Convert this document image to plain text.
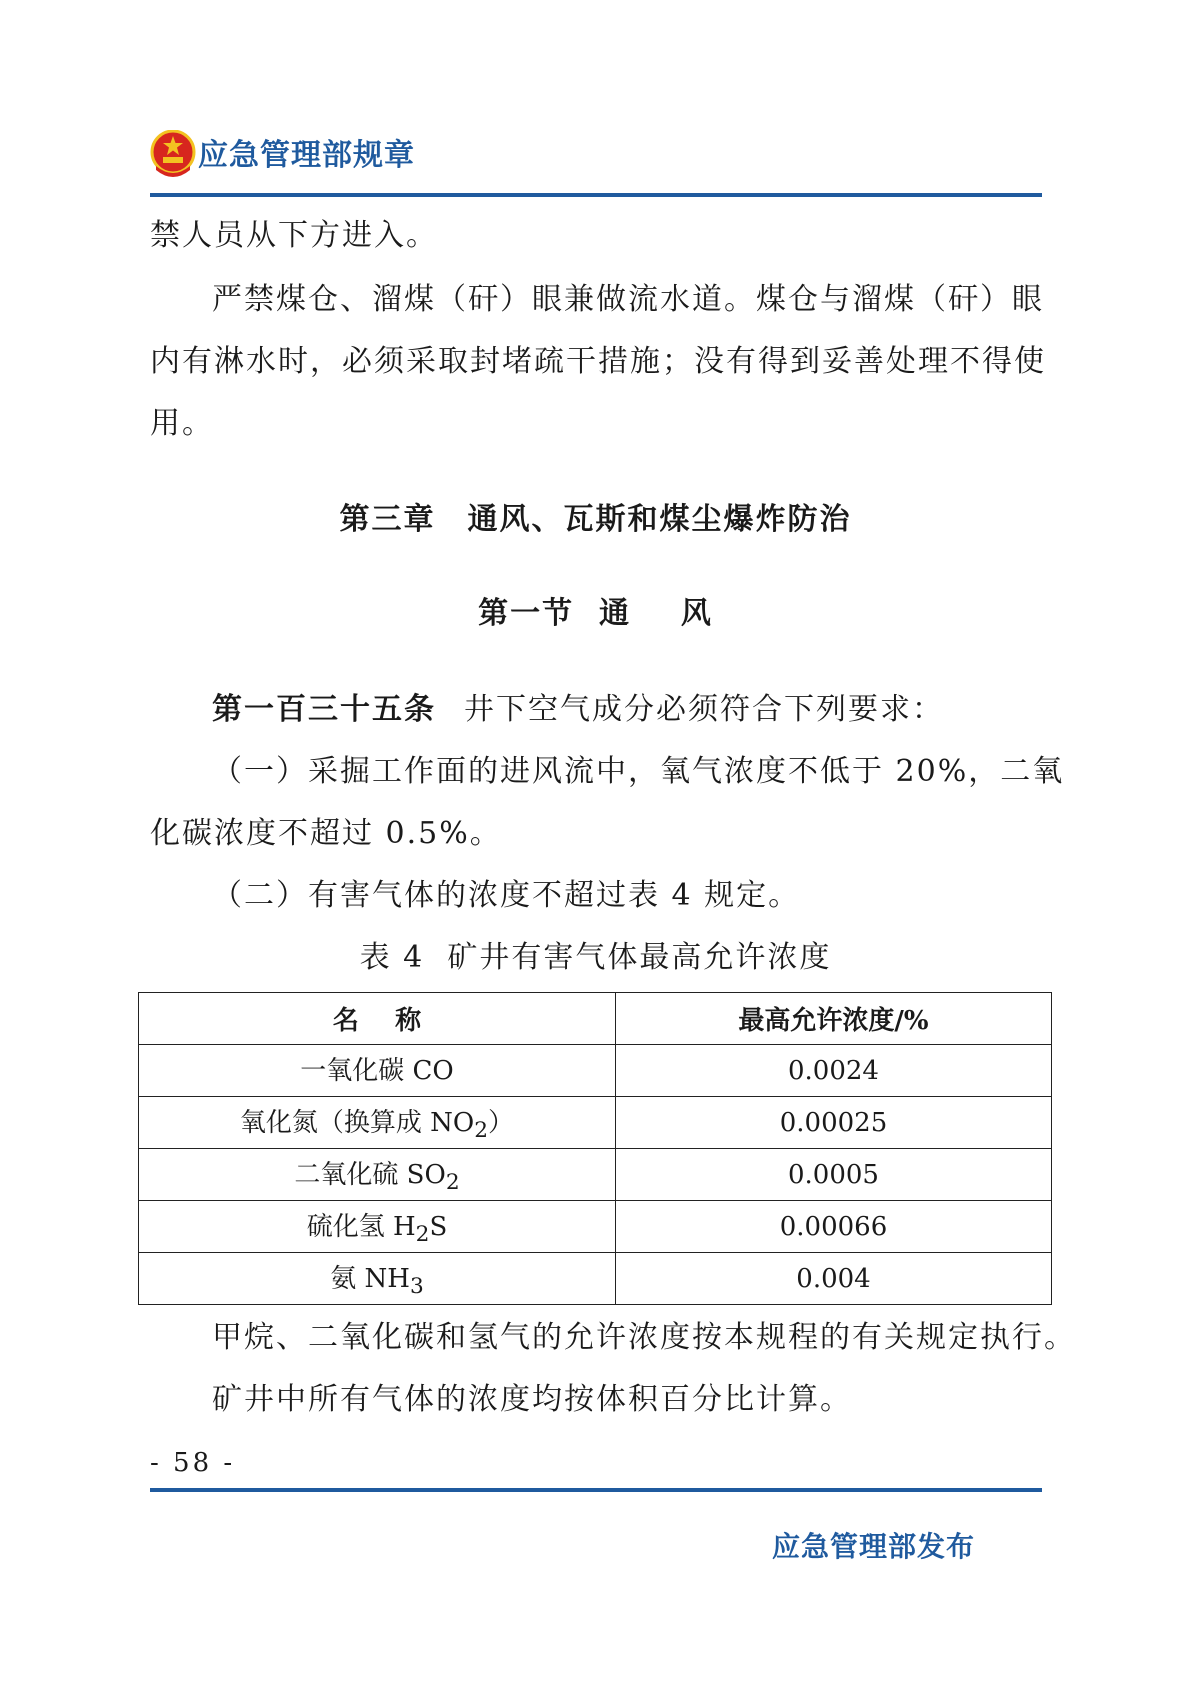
应急管理部规章
禁人员从下方进入。
严禁煤仓、溜煤（矸）眼兼做流水道。煤仓与溜煤（矸）眼
内有淋水时，必须采取封堵疏干措施；没有得到妥善处理不得使
用。
第三章　通风、瓦斯和煤尘爆炸防治
第一节  通    风
第一百三十五条 井下空气成分必须符合下列要求：
（一）采掘工作面的进风流中，氧气浓度不低于 20%，二氧
化碳浓度不超过 0.5%。
（二）有害气体的浓度不超过表 4 规定。
表 4  矿井有害气体最高允许浓度
名    称	最高允许浓度/%
一氧化碳 CO	0.0024
氧化氮（换算成 $NO_2$）	0.00025
二氧化硫 $SO_2$	0.0005
硫化氢 $H_2S$	0.00066
氨 $NH_3$	0.004
甲烷、二氧化碳和氢气的允许浓度按本规程的有关规定执行。
矿井中所有气体的浓度均按体积百分比计算。
- 58 -
应急管理部发布
